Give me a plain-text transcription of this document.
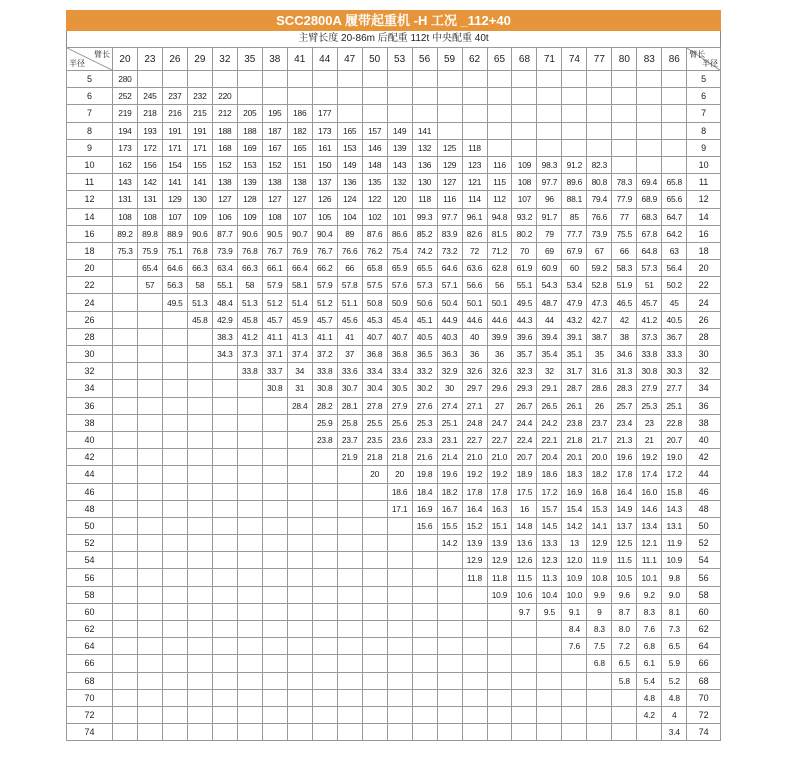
SCC2800A 履带起重机 -H 工况 _112+40
主臂长度 20-86m 后配重 112t 中央配重 40t
臂长
半径	20	23	26	29	32	35	38	41	44	47	50	53	56	59	62	65	68	71	74	77	80	83	86	臂长
半径

5	280																							5
6	252	245	237	232	220																			6
7	219	218	216	215	212	205	195	186	177															7
8	194	193	191	191	188	188	187	182	173	165	157	149	141											8
9	173	172	171	171	168	169	167	165	161	153	146	139	132	125	118									9
10	162	156	154	155	152	153	152	151	150	149	148	143	136	129	123	116	109	98.3	91.2	82.3				10
11	143	142	141	141	138	139	138	138	137	136	135	132	130	127	121	115	108	97.7	89.6	80.8	78.3	69.4	65.8	11
12	131	131	129	130	127	128	127	127	126	124	122	120	118	116	114	112	107	96	88.1	79.4	77.9	68.9	65.6	12
14	108	108	107	109	106	109	108	107	105	104	102	101	99.3	97.7	96.1	94.8	93.2	91.7	85	76.6	77	68.3	64.7	14
16	89.2	89.8	88.9	90.6	87.7	90.6	90.5	90.7	90.4	89	87.6	86.6	85.2	83.9	82.6	81.5	80.2	79	77.7	73.9	75.5	67.8	64.2	16
18	75.3	75.9	75.1	76.8	73.9	76.8	76.7	76.9	76.7	76.6	76.2	75.4	74.2	73.2	72	71.2	70	69	67.9	67	66	64.8	63	18
20		65.4	64.6	66.3	63.4	66.3	66.1	66.4	66.2	66	65.8	65.9	65.5	64.6	63.6	62.8	61.9	60.9	60	59.2	58.3	57.3	56.4	20
22		57	56.3	58	55.1	58	57.9	58.1	57.9	57.8	57.5	57.6	57.3	57.1	56.6	56	55.1	54.3	53.4	52.8	51.9	51	50.2	22
24			49.5	51.3	48.4	51.3	51.2	51.4	51.2	51.1	50.8	50.9	50.6	50.4	50.1	50.1	49.5	48.7	47.9	47.3	46.5	45.7	45	24
26				45.8	42.9	45.8	45.7	45.9	45.7	45.6	45.3	45.4	45.1	44.9	44.6	44.6	44.3	44	43.2	42.7	42	41.2	40.5	26
28					38.3	41.2	41.1	41.3	41.1	41	40.7	40.7	40.5	40.3	40	39.9	39.6	39.4	39.1	38.7	38	37.3	36.7	28
30					34.3	37.3	37.1	37.4	37.2	37	36.8	36.8	36.5	36.3	36	36	35.7	35.4	35.1	35	34.6	33.8	33.3	30
32						33.8	33.7	34	33.8	33.6	33.4	33.4	33.2	32.9	32.6	32.6	32.3	32	31.7	31.6	31.3	30.8	30.3	32
34							30.8	31	30.8	30.7	30.4	30.5	30.2	30	29.7	29.6	29.3	29.1	28.7	28.6	28.3	27.9	27.7	34
36								28.4	28.2	28.1	27.8	27.9	27.6	27.4	27.1	27	26.7	26.5	26.1	26	25.7	25.3	25.1	36
38									25.9	25.8	25.5	25.6	25.3	25.1	24.8	24.7	24.4	24.2	23.8	23.7	23.4	23	22.8	38
40									23.8	23.7	23.5	23.6	23.3	23.1	22.7	22.7	22.4	22.1	21.8	21.7	21.3	21	20.7	40
42										21.9	21.8	21.8	21.6	21.4	21.0	21.0	20.7	20.4	20.1	20.0	19.6	19.2	19.0	42
44											20	20	19.8	19.6	19.2	19.2	18.9	18.6	18.3	18.2	17.8	17.4	17.2	44
46												18.6	18.4	18.2	17.8	17.8	17.5	17.2	16.9	16.8	16.4	16.0	15.8	46
48												17.1	16.9	16.7	16.4	16.3	16	15.7	15.4	15.3	14.9	14.6	14.3	48
50													15.6	15.5	15.2	15.1	14.8	14.5	14.2	14.1	13.7	13.4	13.1	50
52														14.2	13.9	13.9	13.6	13.3	13	12.9	12.5	12.1	11.9	52
54															12.9	12.9	12.6	12.3	12.0	11.9	11.5	11.1	10.9	54
56															11.8	11.8	11.5	11.3	10.9	10.8	10.5	10.1	9.8	56
58																10.9	10.6	10.4	10.0	9.9	9.6	9.2	9.0	58
60																	9.7	9.5	9.1	9	8.7	8.3	8.1	60
62																			8.4	8.3	8.0	7.6	7.3	62
64																			7.6	7.5	7.2	6.8	6.5	64
66																				6.8	6.5	6.1	5.9	66
68																					5.8	5.4	5.2	68
70																						4.8	4.8	70
72																						4.2	4	72
74																							3.4	74
